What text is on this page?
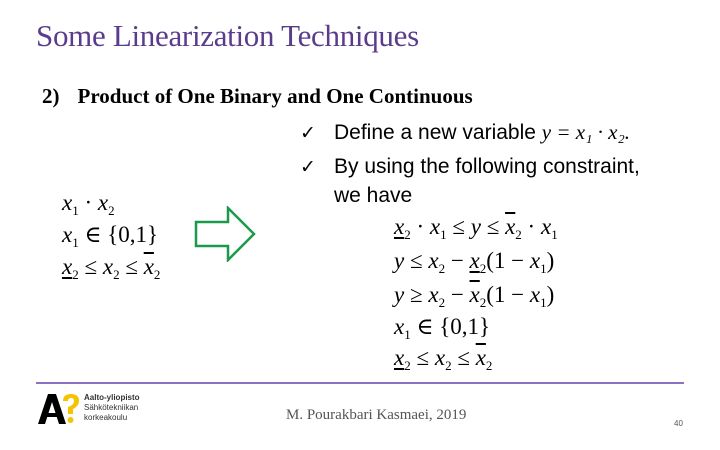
Some Linearization Techniques
2) Product of One Binary and One Continuous
✓ Define a new variable y = x₁ · x₂.
✓ By using the following constraint,
we have
$x_1 \cdot x_2$
$x_1$ ∈ {0,1}
$x_2 \le x_2 \le \overline{x}_2$
$x_2 \cdot x_1 \le y \le \overline{x}_2 \cdot x_1$
$y \le x_2 - x_2(1 - x_1)$
$y \ge x_2 - \overline{x}_2(1 - x_1)$
$x_1$ ∈ {0,1}
$x_2 \le x_2 \le \overline{x}_2$
Aalto-yliopisto
Sähkötekniikan
korkeakoulu	M. Pourakbari Kasmaei, 2019
40
